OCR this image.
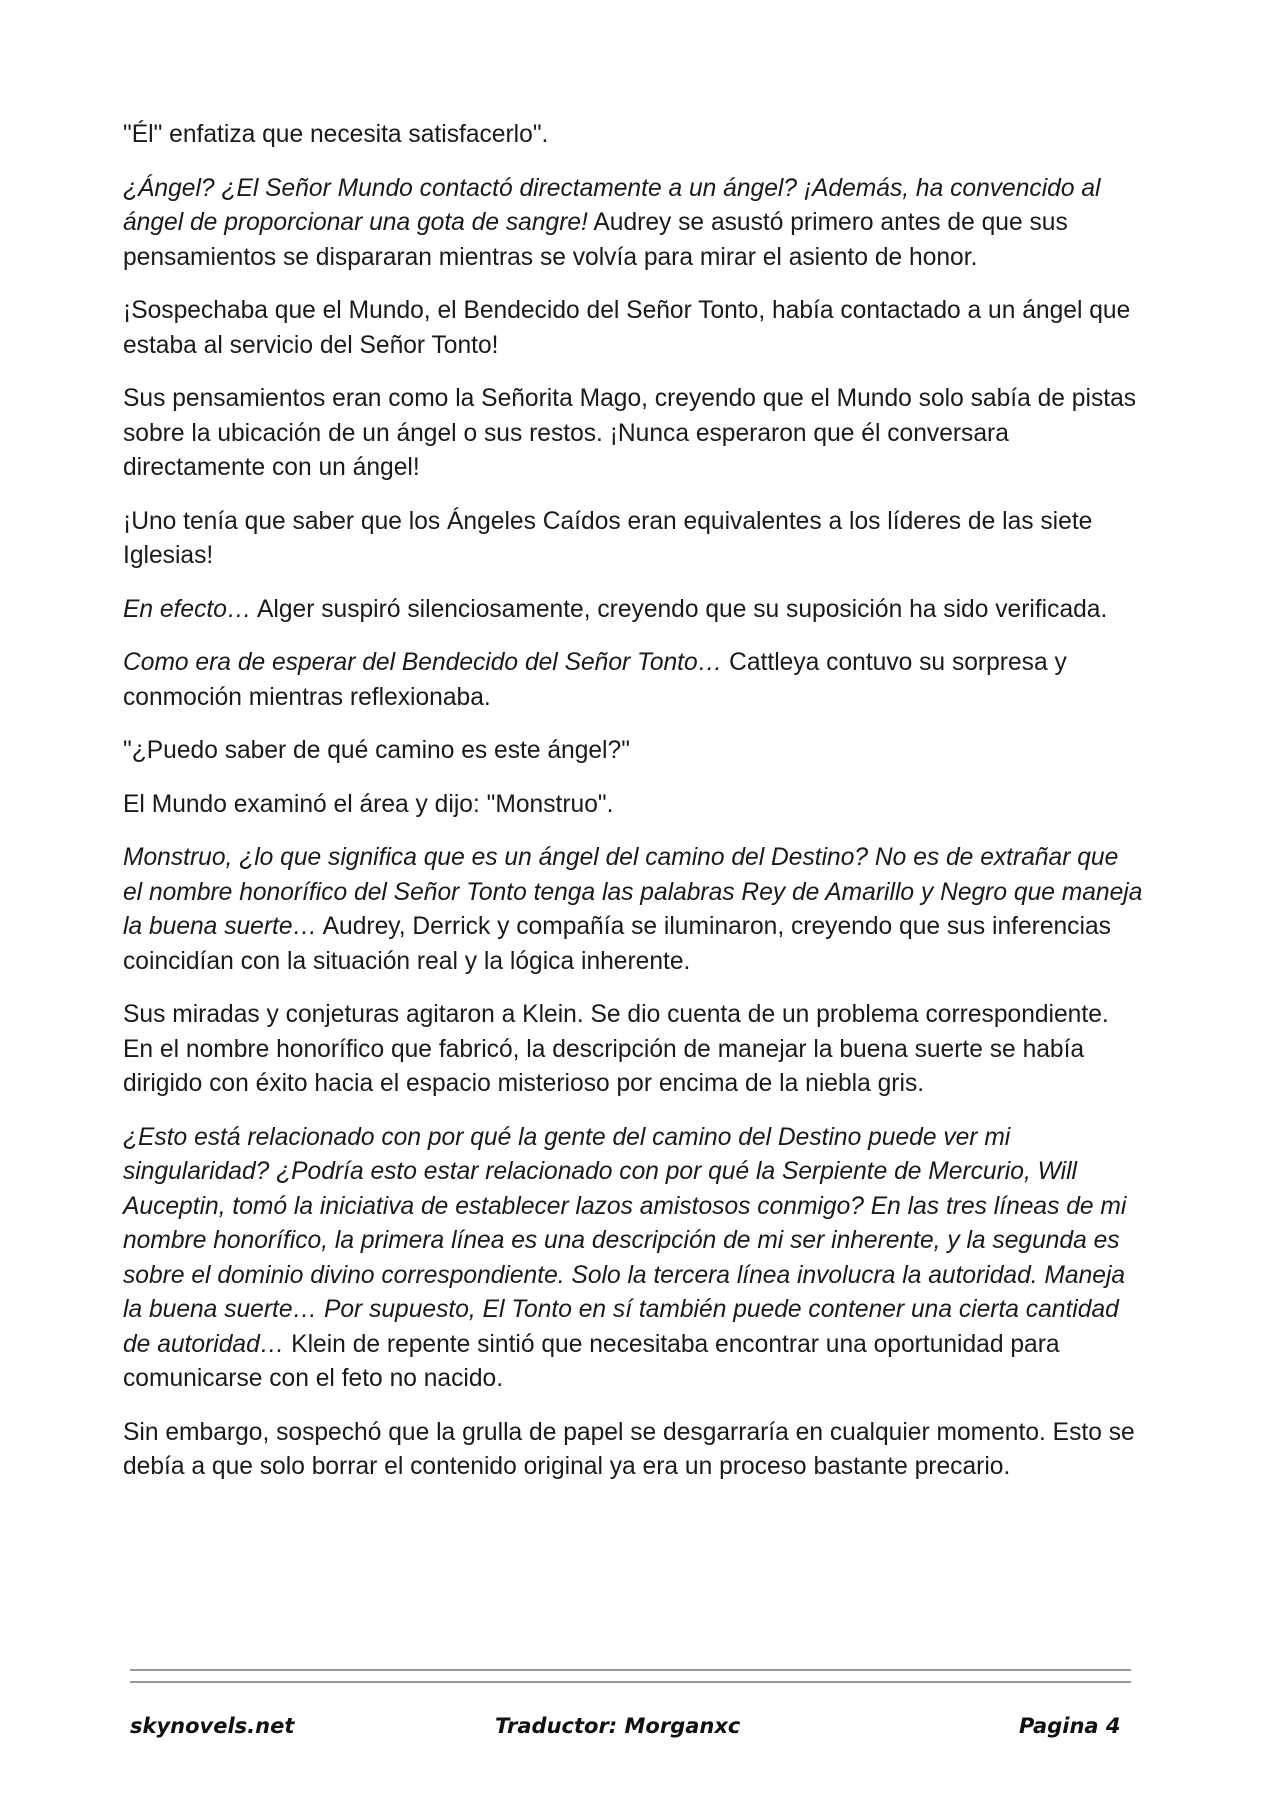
"Él" enfatiza que necesita satisfacerlo".

¿Ángel? ¿El Señor Mundo contactó directamente a un ángel? ¡Además, ha convencido al ángel de proporcionar una gota de sangre! Audrey se asustó primero antes de que sus pensamientos se dispararan mientras se volvía para mirar el asiento de honor.

¡Sospechaba que el Mundo, el Bendecido del Señor Tonto, había contactado a un ángel que estaba al servicio del Señor Tonto!

Sus pensamientos eran como la Señorita Mago, creyendo que el Mundo solo sabía de pistas sobre la ubicación de un ángel o sus restos. ¡Nunca esperaron que él conversara directamente con un ángel!

¡Uno tenía que saber que los Ángeles Caídos eran equivalentes a los líderes de las siete Iglesias!

En efecto… Alger suspiró silenciosamente, creyendo que su suposición ha sido verificada.

Como era de esperar del Bendecido del Señor Tonto… Cattleya contuvo su sorpresa y conmoción mientras reflexionaba.

"¿Puedo saber de qué camino es este ángel?"

El Mundo examinó el área y dijo: "Monstruo".

Monstruo, ¿lo que significa que es un ángel del camino del Destino? No es de extrañar que el nombre honorífico del Señor Tonto tenga las palabras Rey de Amarillo y Negro que maneja la buena suerte… Audrey, Derrick y compañía se iluminaron, creyendo que sus inferencias coincidían con la situación real y la lógica inherente.

Sus miradas y conjeturas agitaron a Klein. Se dio cuenta de un problema correspondiente. En el nombre honorífico que fabricó, la descripción de manejar la buena suerte se había dirigido con éxito hacia el espacio misterioso por encima de la niebla gris.

¿Esto está relacionado con por qué la gente del camino del Destino puede ver mi singularidad? ¿Podría esto estar relacionado con por qué la Serpiente de Mercurio, Will Auceptin, tomó la iniciativa de establecer lazos amistosos conmigo? En las tres líneas de mi nombre honorífico, la primera línea es una descripción de mi ser inherente, y la segunda es sobre el dominio divino correspondiente. Solo la tercera línea involucra la autoridad. Maneja la buena suerte… Por supuesto, El Tonto en sí también puede contener una cierta cantidad de autoridad… Klein de repente sintió que necesitaba encontrar una oportunidad para comunicarse con el feto no nacido.

Sin embargo, sospechó que la grulla de papel se desgarraría en cualquier momento. Esto se debía a que solo borrar el contenido original ya era un proceso bastante precario.

skynovels.net	Traductor: Morganxc	Pagina 4
